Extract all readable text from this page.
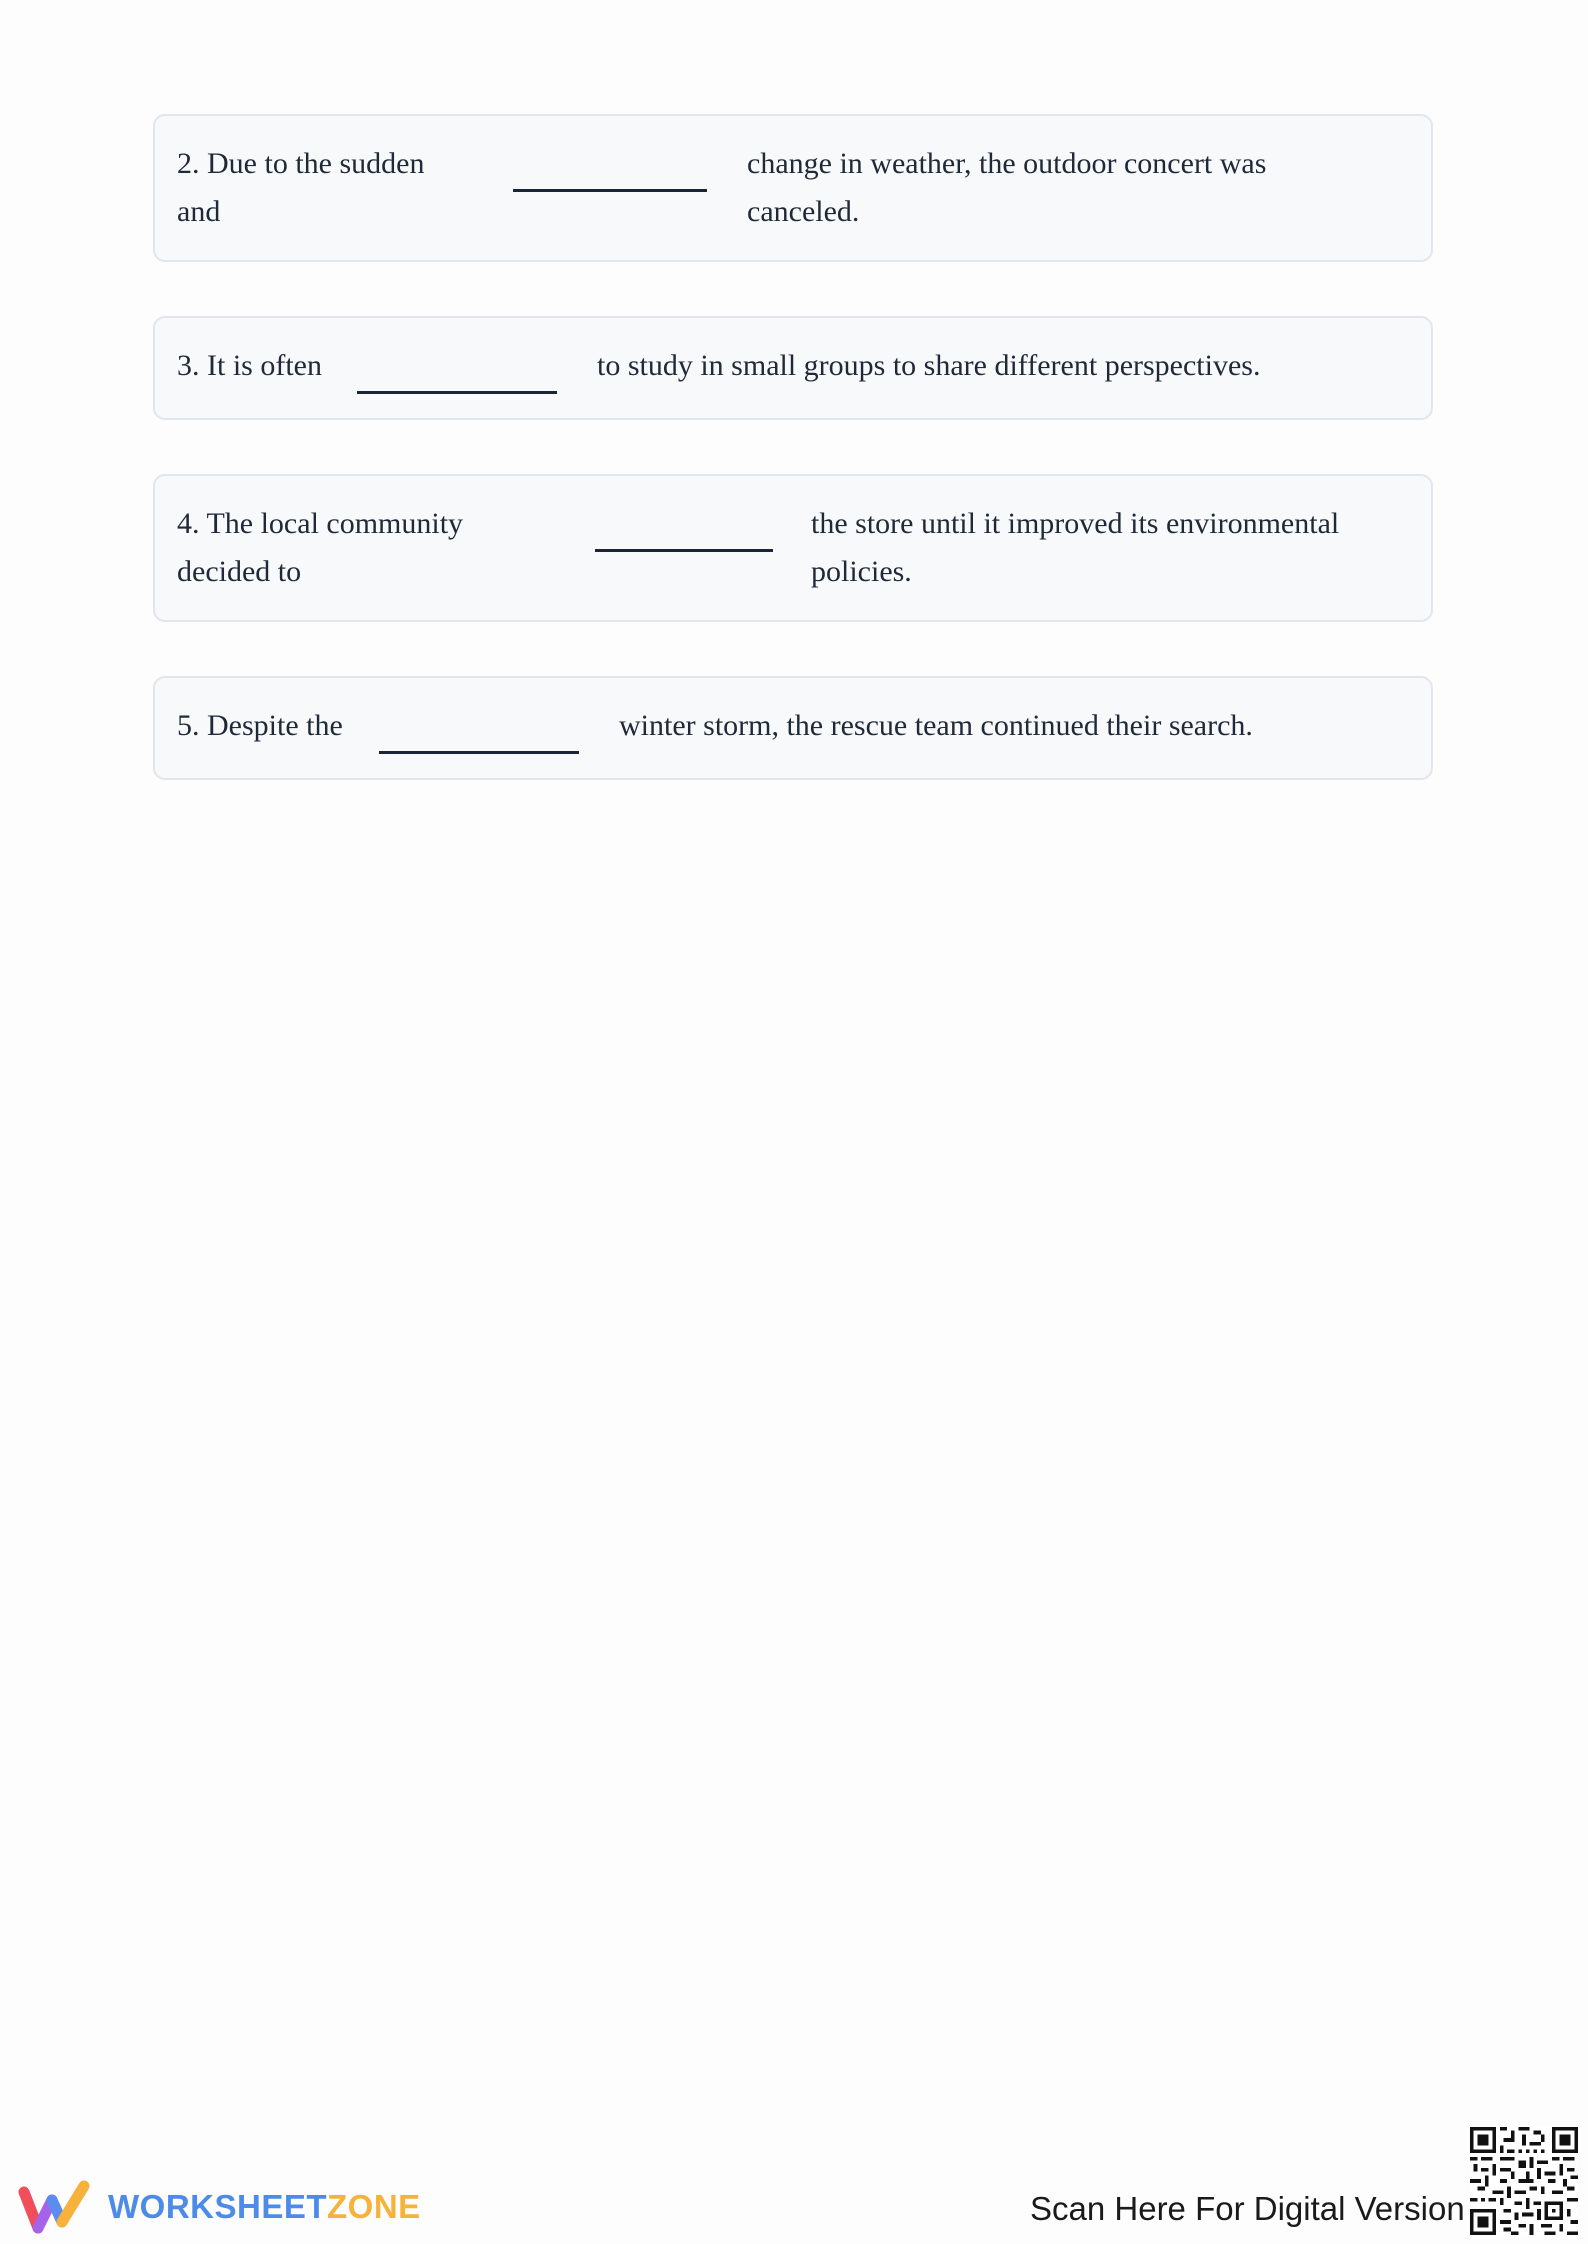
2. Due to the sudden
and
change in weather, the outdoor concert was
canceled.
3. It is often	to study in small groups to share different perspectives.
4. The local community
decided to
the store until it improved its environmental
policies.
5. Despite the	winter storm, the rescue team continued their search.
WORKSHEETZONE	Scan Here For Digital Version
